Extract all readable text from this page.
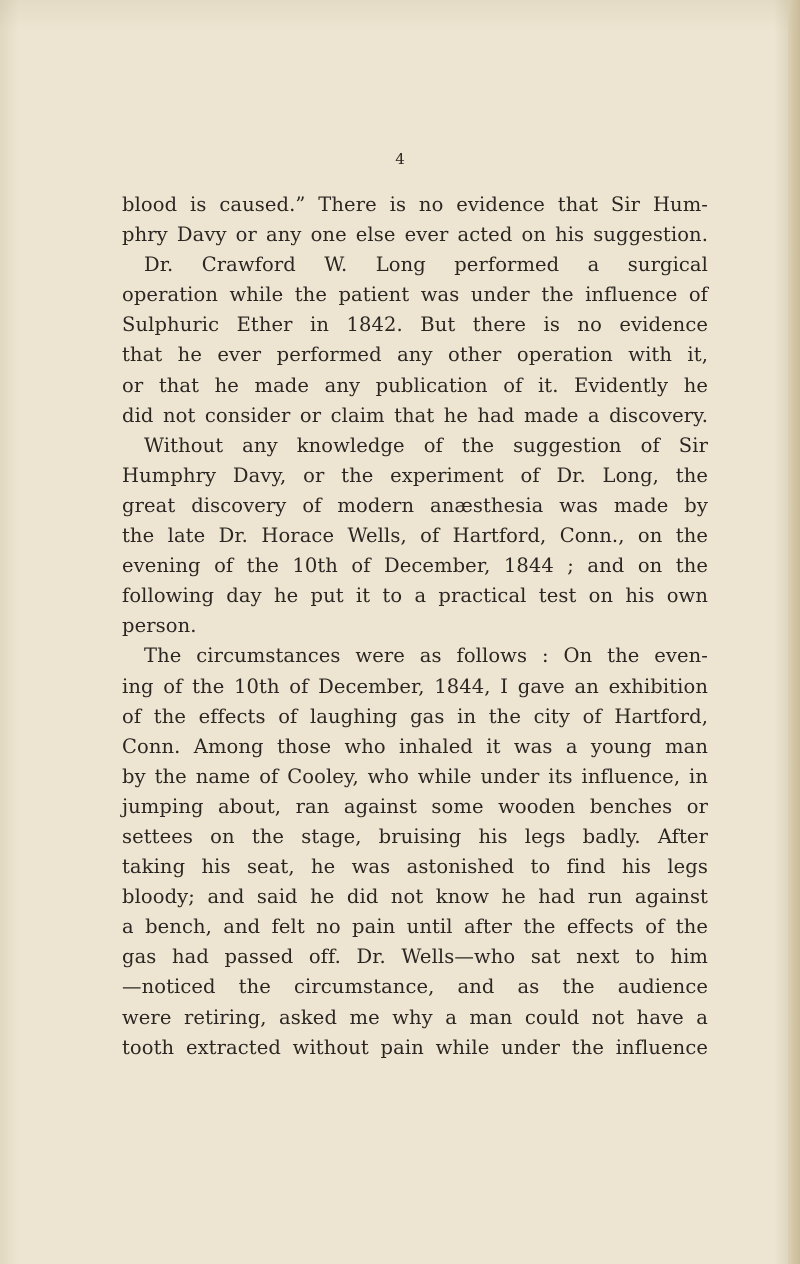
4
blood is caused.” There is no evidence that Sir Hum-
phry Davy or any one else ever acted on his suggestion.
Dr. Crawford W. Long performed a surgical
operation while the patient was under the influence of
Sulphuric Ether in 1842. But there is no evidence
that he ever performed any other operation with it,
or that he made any publication of it. Evidently he
did not consider or claim that he had made a discovery.
Without any knowledge of the suggestion of Sir
Humphry Davy, or the experiment of Dr. Long, the
great discovery of modern anæsthesia was made by
the late Dr. Horace Wells, of Hartford, Conn., on the
evening of the 10th of December, 1844 ; and on the
following day he put it to a practical test on his own
person.
The circumstances were as follows : On the even-
ing of the 10th of December, 1844, I gave an exhibition
of the effects of laughing gas in the city of Hartford,
Conn. Among those who inhaled it was a young man
by the name of Cooley, who while under its influence, in
jumping about, ran against some wooden benches or
settees on the stage, bruising his legs badly. After
taking his seat, he was astonished to find his legs
bloody; and said he did not know he had run against
a bench, and felt no pain until after the effects of the
gas had passed off. Dr. Wells—who sat next to him
—noticed the circumstance, and as the audience
were retiring, asked me why a man could not have a
tooth extracted without pain while under the influence
